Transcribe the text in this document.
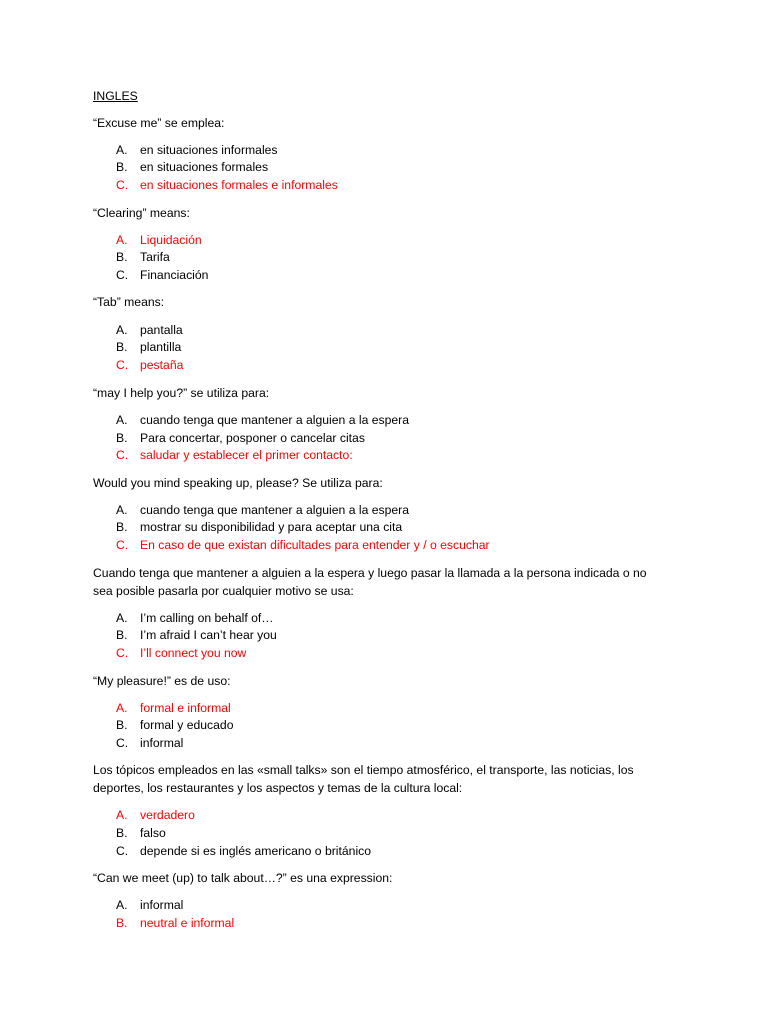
INGLES
“Excuse me” se emplea:
A. en situaciones informales
B. en situaciones formales
C. en situaciones formales e informales
“Clearing” means:
A. Liquidación
B. Tarifa
C. Financiación
“Tab” means:
A. pantalla
B. plantilla
C. pestaña
“may I help you?” se utiliza para:
A. cuando tenga que mantener a alguien a la espera
B. Para concertar, posponer o cancelar citas
C. saludar y establecer el primer contacto:
Would you mind speaking up, please? Se utiliza para:
A. cuando tenga que mantener a alguien a la espera
B. mostrar su disponibilidad y para aceptar una cita
C. En caso de que existan dificultades para entender y / o escuchar
Cuando tenga que mantener a alguien a la espera y luego pasar la llamada a la persona indicada o no
sea posible pasarla por cualquier motivo se usa:
A. I’m calling on behalf of…
B. I’m afraid I can’t hear you
C. I’ll connect you now
“My pleasure!” es de uso:
A. formal e informal
B. formal y educado
C. informal
Los tópicos empleados en las «small talks» son el tiempo atmosférico, el transporte, las noticias, los
deportes, los restaurantes y los aspectos y temas de la cultura local:
A. verdadero
B. falso
C. depende si es inglés americano o británico
“Can we meet (up) to talk about…?” es una expression:
A. informal
B. neutral e informal
